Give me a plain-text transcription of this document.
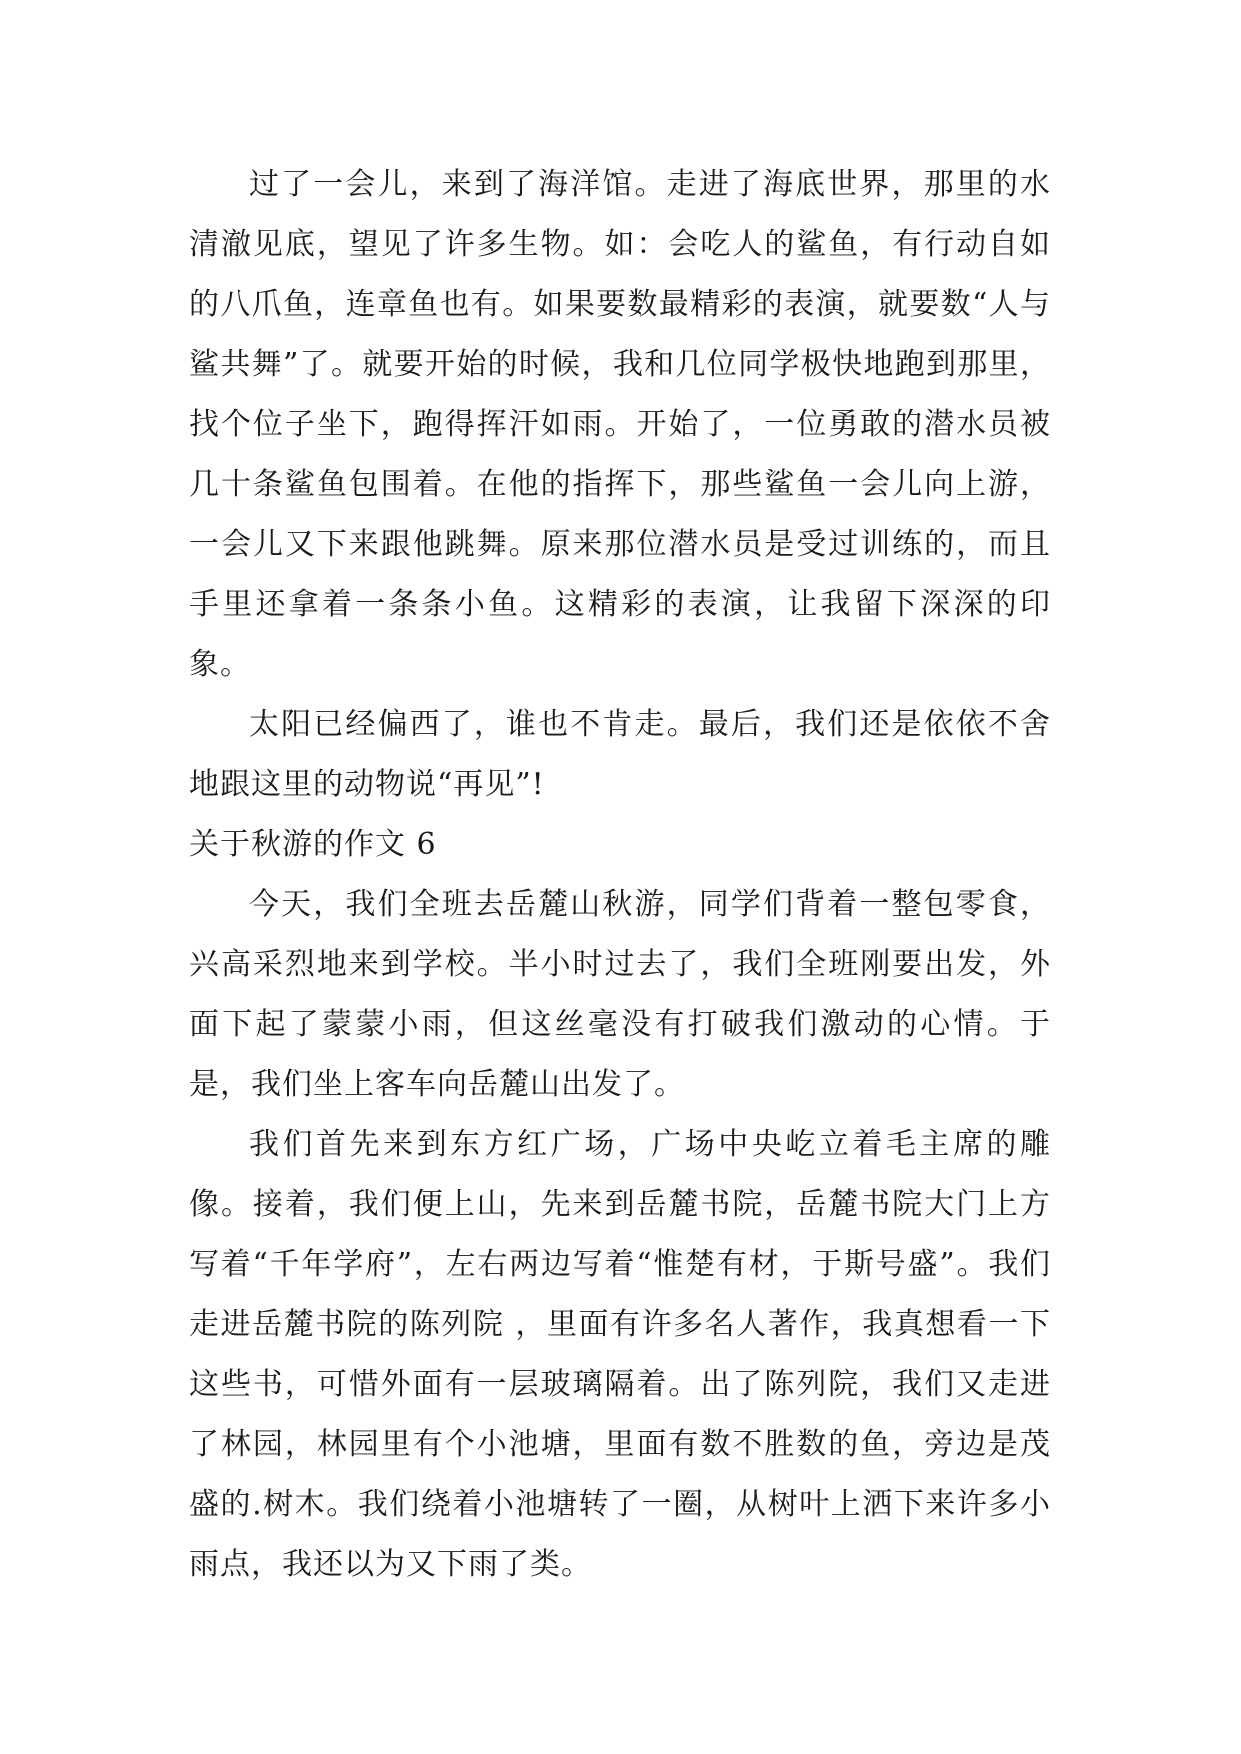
过了一会儿，来到了海洋馆。走进了海底世界，那里的水清澈见底，望见了许多生物。如：会吃人的鲨鱼，有行动自如的八爪鱼，连章鱼也有。如果要数最精彩的表演，就要数“人与鲨共舞”了。就要开始的时候，我和几位同学极快地跑到那里，找个位子坐下，跑得挥汗如雨。开始了，一位勇敢的潜水员被几十条鲨鱼包围着。在他的指挥下，那些鲨鱼一会儿向上游，一会儿又下来跟他跳舞。原来那位潜水员是受过训练的，而且手里还拿着一条条小鱼。这精彩的表演，让我留下深深的印象。

太阳已经偏西了，谁也不肯走。最后，我们还是依依不舍地跟这里的动物说“再见”!

关于秋游的作文 6

今天，我们全班去岳麓山秋游，同学们背着一整包零食，兴高采烈地来到学校。半小时过去了，我们全班刚要出发，外面下起了蒙蒙小雨，但这丝毫没有打破我们激动的心情。于是，我们坐上客车向岳麓山出发了。

我们首先来到东方红广场，广场中央屹立着毛主席的雕像。接着，我们便上山，先来到岳麓书院，岳麓书院大门上方写着“千年学府”，左右两边写着“惟楚有材，于斯号盛”。我们走进岳麓书院的陈列院 ，里面有许多名人著作，我真想看一下这些书，可惜外面有一层玻璃隔着。出了陈列院，我们又走进了林园，林园里有个小池塘，里面有数不胜数的鱼，旁边是茂盛的.树木。我们绕着小池塘转了一圈，从树叶上洒下来许多小雨点，我还以为又下雨了类。
